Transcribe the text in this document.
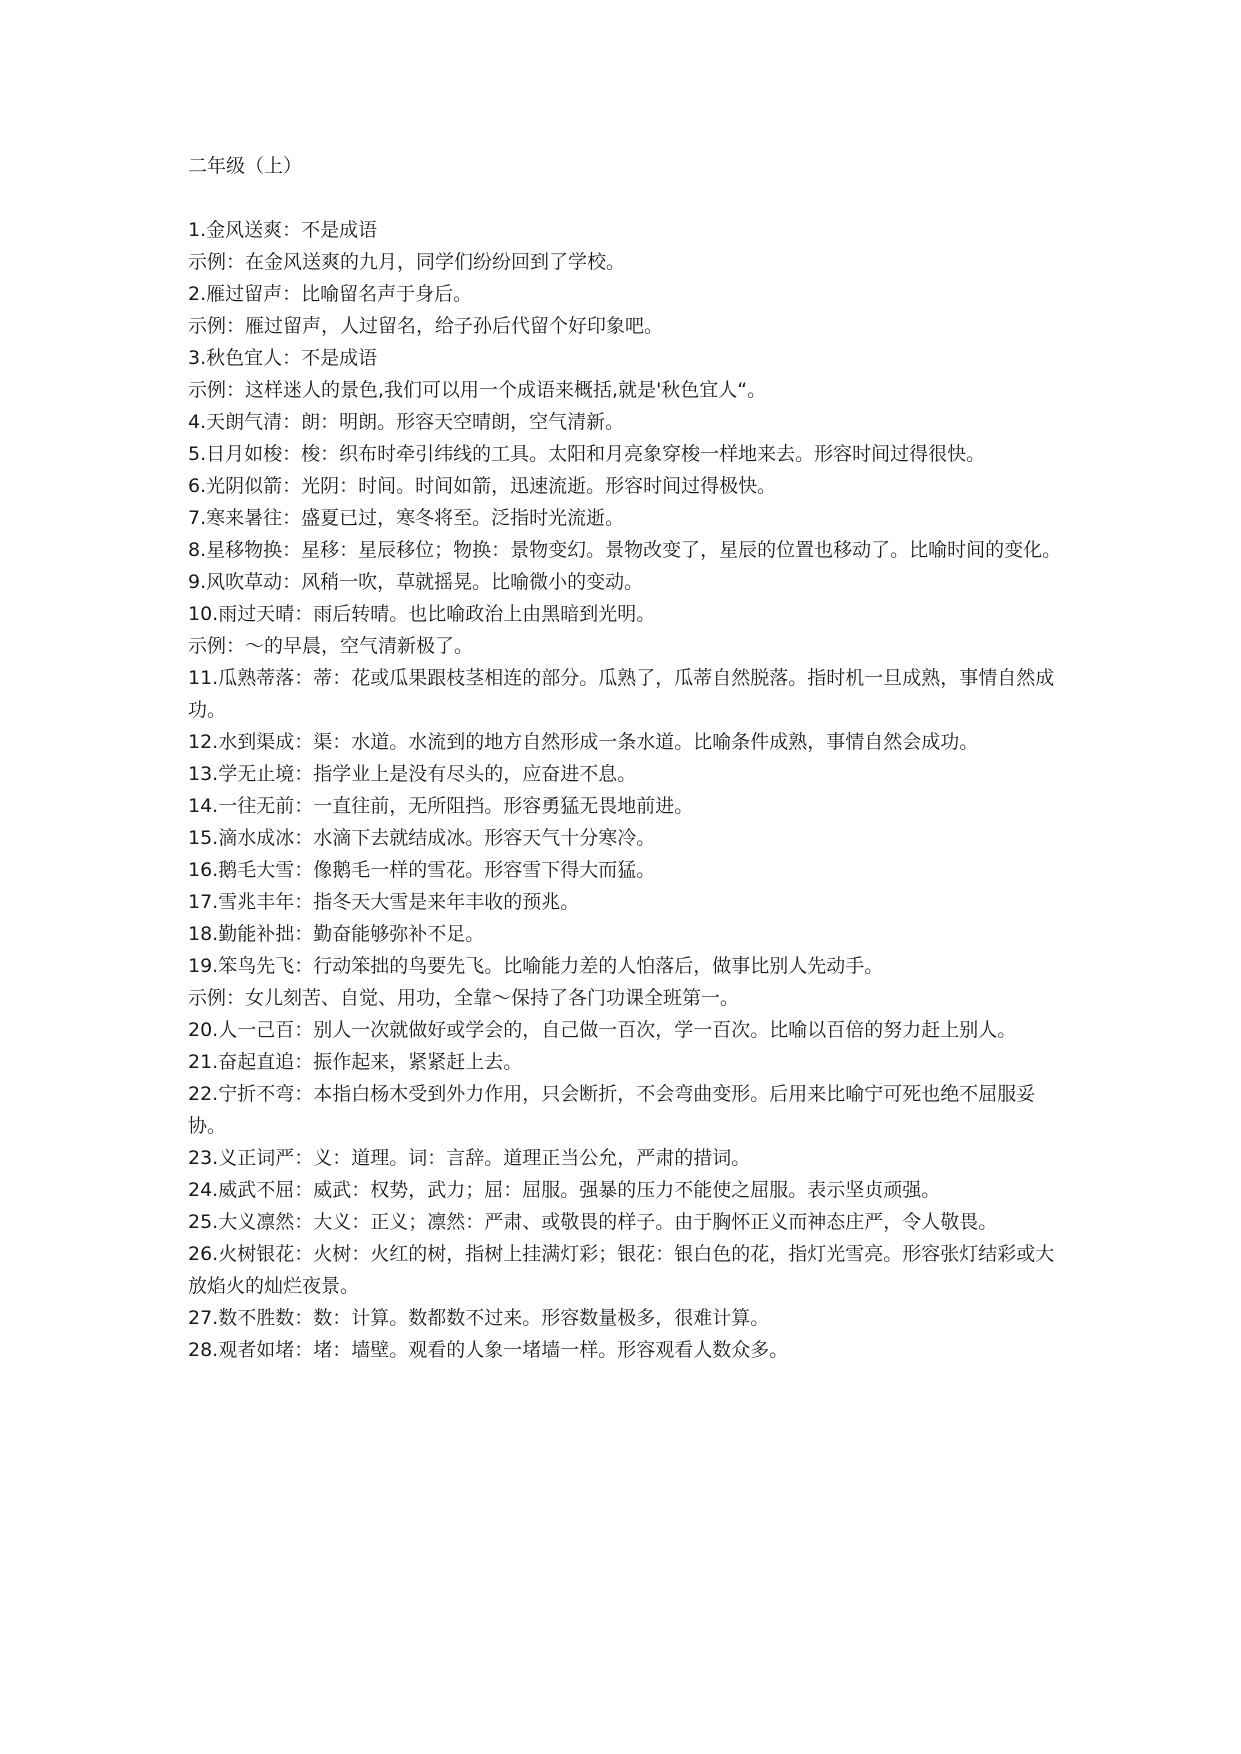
二年级（上）

1.金风送爽：不是成语

示例：在金风送爽的九月，同学们纷纷回到了学校。

2.雁过留声：比喻留名声于身后。

示例：雁过留声，人过留名，给子孙后代留个好印象吧。

3.秋色宜人：不是成语

示例：这样迷人的景色,我们可以用一个成语来概括,就是'秋色宜人“。

4.天朗气清：朗：明朗。形容天空晴朗，空气清新。

5.日月如梭：梭：织布时牵引纬线的工具。太阳和月亮象穿梭一样地来去。形容时间过得很快。

6.光阴似箭：光阴：时间。时间如箭，迅速流逝。形容时间过得极快。

7.寒来暑往：盛夏已过，寒冬将至。泛指时光流逝。

8.星移物换：星移：星辰移位；物换：景物变幻。景物改变了，星辰的位置也移动了。比喻时间的变化。

9.风吹草动：风稍一吹，草就摇晃。比喻微小的变动。

10.雨过天晴：雨后转晴。也比喻政治上由黑暗到光明。

示例：～的早晨，空气清新极了。

11.瓜熟蒂落：蒂：花或瓜果跟枝茎相连的部分。瓜熟了，瓜蒂自然脱落。指时机一旦成熟，事情自然成功。

12.水到渠成：渠：水道。水流到的地方自然形成一条水道。比喻条件成熟，事情自然会成功。

13.学无止境：指学业上是没有尽头的，应奋进不息。

14.一往无前：一直往前，无所阻挡。形容勇猛无畏地前进。

15.滴水成冰：水滴下去就结成冰。形容天气十分寒冷。

16.鹅毛大雪：像鹅毛一样的雪花。形容雪下得大而猛。

17.雪兆丰年：指冬天大雪是来年丰收的预兆。

18.勤能补拙：勤奋能够弥补不足。

19.笨鸟先飞：行动笨拙的鸟要先飞。比喻能力差的人怕落后，做事比别人先动手。

示例：女儿刻苦、自觉、用功，全靠～保持了各门功课全班第一。

20.人一己百：别人一次就做好或学会的，自己做一百次，学一百次。比喻以百倍的努力赶上别人。

21.奋起直追：振作起来，紧紧赶上去。

22.宁折不弯：本指白杨木受到外力作用，只会断折，不会弯曲变形。后用来比喻宁可死也绝不屈服妥协。

23.义正词严：义：道理。词：言辞。道理正当公允，严肃的措词。

24.威武不屈：威武：权势，武力；屈：屈服。强暴的压力不能使之屈服。表示坚贞顽强。

25.大义凛然：大义：正义；凛然：严肃、或敬畏的样子。由于胸怀正义而神态庄严，令人敬畏。

26.火树银花：火树：火红的树，指树上挂满灯彩；银花：银白色的花，指灯光雪亮。形容张灯结彩或大放焰火的灿烂夜景。

27.数不胜数：数：计算。数都数不过来。形容数量极多，很难计算。

28.观者如堵：堵：墙壁。观看的人象一堵墙一样。形容观看人数众多。
